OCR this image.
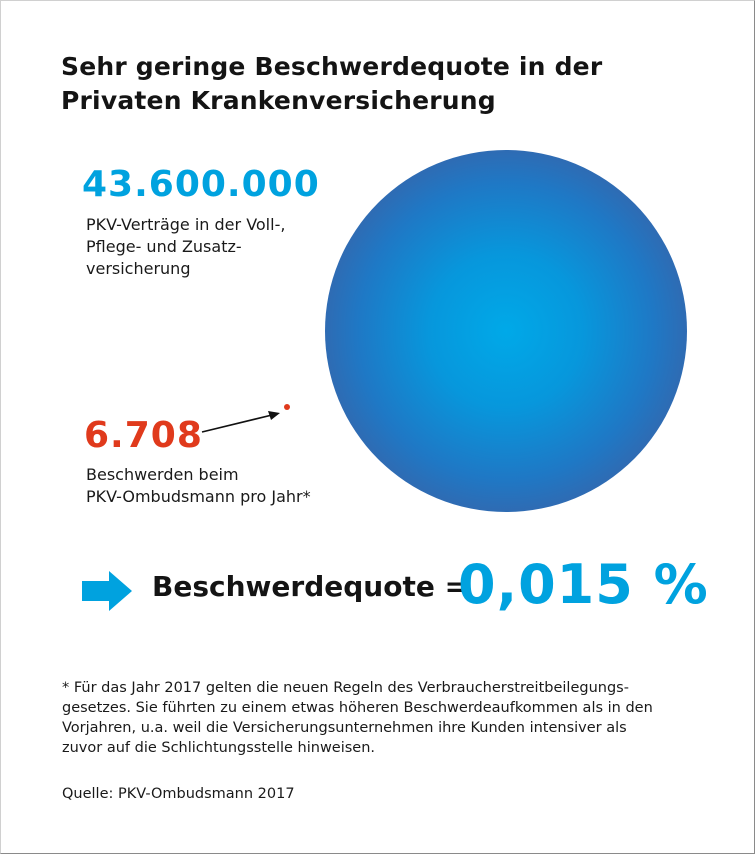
Sehr geringe Beschwerdequote in der
Privaten Krankenversicherung
43.600.000
PKV-Verträge in der Voll-,
Pflege- und Zusatz-
versicherung
6.708
Beschwerden beim
PKV-Ombudsmann pro Jahr*
Beschwerdequote =
0,015 %
* Für das Jahr 2017 gelten die neuen Regeln des Verbraucherstreitbeilegungs-
gesetzes. Sie führten zu einem etwas höheren Beschwerdeaufkommen als in den
Vorjahren, u.a. weil die Versicherungsunternehmen ihre Kunden intensiver als
zuvor auf die Schlichtungsstelle hinweisen.
Quelle: PKV-Ombudsmann 2017
